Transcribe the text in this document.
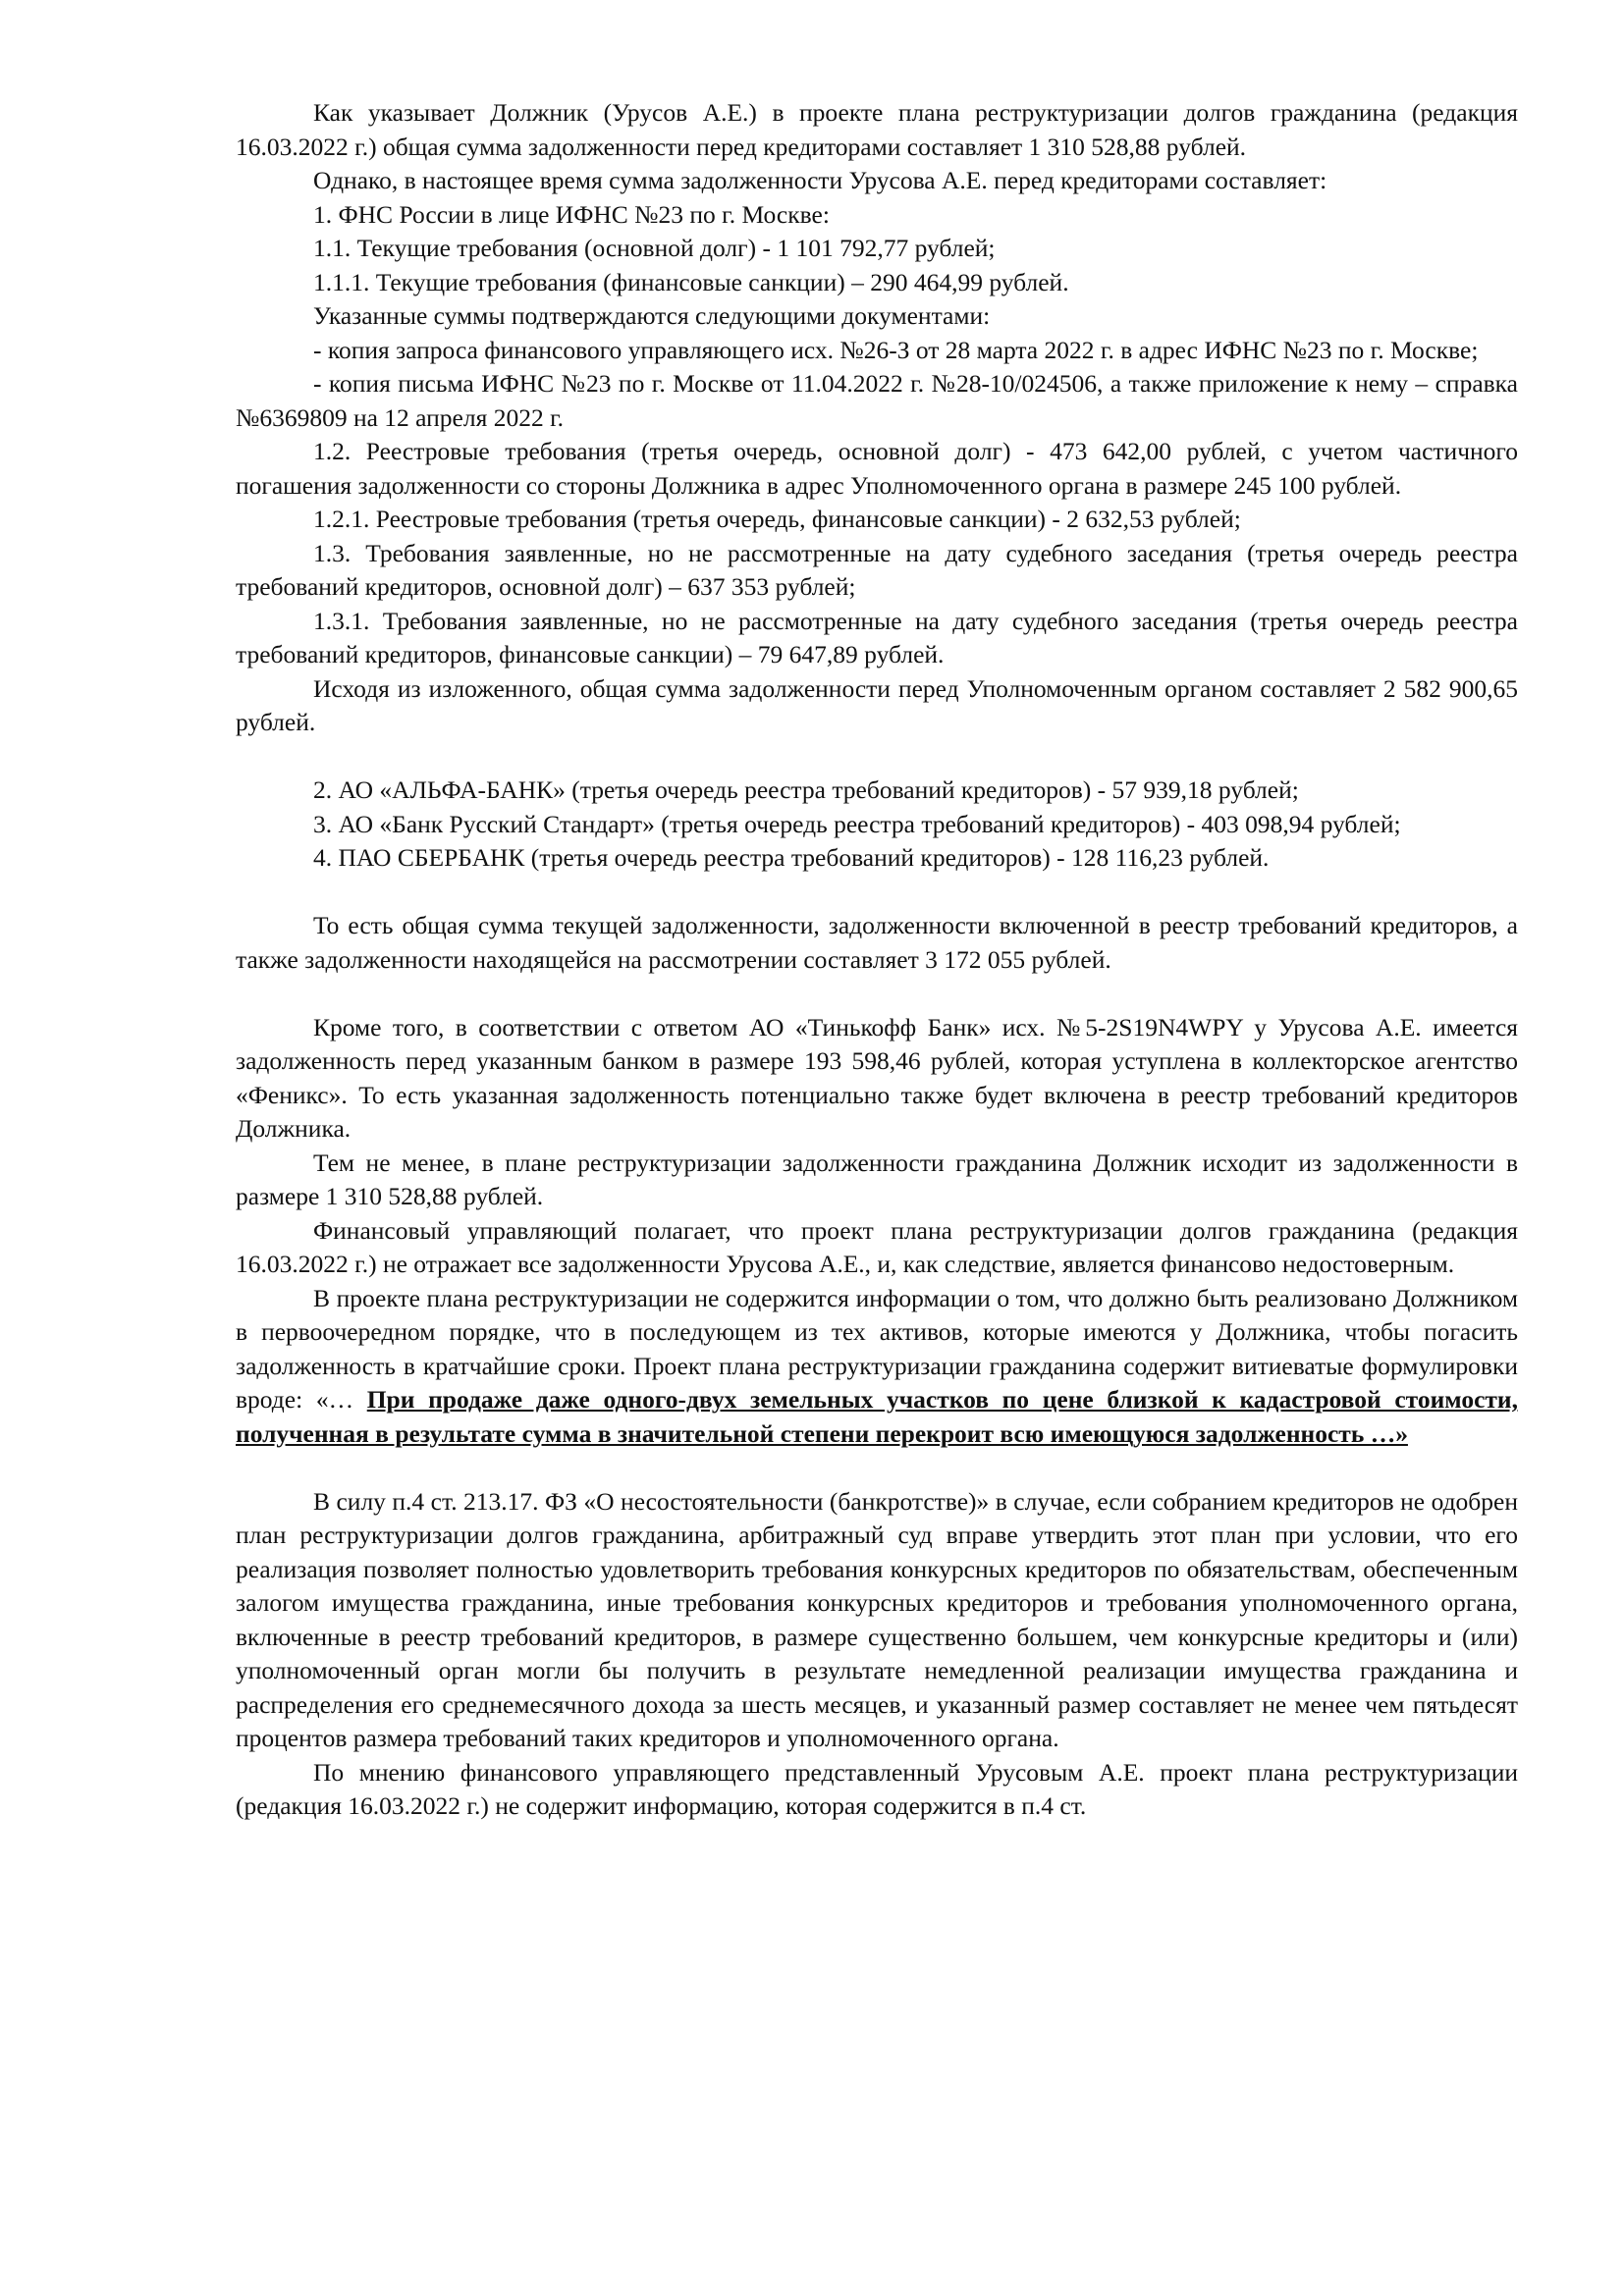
Как указывает Должник (Урусов А.Е.) в проекте плана реструктуризации долгов гражданина (редакция 16.03.2022 г.) общая сумма задолженности перед кредиторами составляет 1 310 528,88 рублей.

Однако, в настоящее время сумма задолженности Урусова А.Е. перед кредиторами составляет:

1. ФНС России в лице ИФНС №23 по г. Москве:

1.1. Текущие требования (основной долг) - 1 101 792,77 рублей;

1.1.1. Текущие требования (финансовые санкции) – 290 464,99 рублей.

Указанные суммы подтверждаются следующими документами:

- копия запроса финансового управляющего исх. №26-З от 28 марта 2022 г. в адрес ИФНС №23 по г. Москве;

- копия письма ИФНС №23 по г. Москве от 11.04.2022 г. №28-10/024506, а также приложение к нему – справка №6369809 на 12 апреля 2022 г.

1.2. Реестровые требования (третья очередь, основной долг) - 473 642,00 рублей, с учетом частичного погашения задолженности со стороны Должника в адрес Уполномоченного органа в размере 245 100 рублей.

1.2.1. Реестровые требования (третья очередь, финансовые санкции) - 2 632,53 рублей;

1.3. Требования заявленные, но не рассмотренные на дату судебного заседания (третья очередь реестра требований кредиторов, основной долг) – 637 353 рублей;

1.3.1. Требования заявленные, но не рассмотренные на дату судебного заседания (третья очередь реестра требований кредиторов, финансовые санкции) – 79 647,89 рублей.

Исходя из изложенного, общая сумма задолженности перед Уполномоченным органом составляет 2 582 900,65 рублей.

2. АО «АЛЬФА-БАНК» (третья очередь реестра требований кредиторов) - 57 939,18 рублей;

3. АО «Банк Русский Стандарт» (третья очередь реестра требований кредиторов) - 403 098,94 рублей;

4. ПАО СБЕРБАНК (третья очередь реестра требований кредиторов) - 128 116,23 рублей.

То есть общая сумма текущей задолженности, задолженности включенной в реестр требований кредиторов, а также задолженности находящейся на рассмотрении составляет 3 172 055 рублей.

Кроме того, в соответствии с ответом АО «Тинькофф Банк» исх. №5-2S19N4WPY у Урусова А.Е. имеется задолженность перед указанным банком в размере 193 598,46 рублей, которая уступлена в коллекторское агентство «Феникс». То есть указанная задолженность потенциально также будет включена в реестр требований кредиторов Должника.

Тем не менее, в плане реструктуризации задолженности гражданина Должник исходит из задолженности в размере 1 310 528,88 рублей.

Финансовый управляющий полагает, что проект плана реструктуризации долгов гражданина (редакция 16.03.2022 г.) не отражает все задолженности Урусова А.Е., и, как следствие, является финансово недостоверным.

В проекте плана реструктуризации не содержится информации о том, что должно быть реализовано Должником в первоочередном порядке, что в последующем из тех активов, которые имеются у Должника, чтобы погасить задолженность в кратчайшие сроки. Проект плана реструктуризации гражданина содержит витиеватые формулировки вроде: «… При продаже даже одного-двух земельных участков по цене близкой к кадастровой стоимости, полученная в результате сумма в значительной степени перекроит всю имеющуюся задолженность …»

В силу п.4 ст. 213.17. ФЗ «О несостоятельности (банкротстве)» в случае, если собранием кредиторов не одобрен план реструктуризации долгов гражданина, арбитражный суд вправе утвердить этот план при условии, что его реализация позволяет полностью удовлетворить требования конкурсных кредиторов по обязательствам, обеспеченным залогом имущества гражданина, иные требования конкурсных кредиторов и требования уполномоченного органа, включенные в реестр требований кредиторов, в размере существенно большем, чем конкурсные кредиторы и (или) уполномоченный орган могли бы получить в результате немедленной реализации имущества гражданина и распределения его среднемесячного дохода за шесть месяцев, и указанный размер составляет не менее чем пятьдесят процентов размера требований таких кредиторов и уполномоченного органа.

По мнению финансового управляющего представленный Урусовым А.Е. проект плана реструктуризации (редакция 16.03.2022 г.) не содержит информацию, которая содержится в п.4 ст.
